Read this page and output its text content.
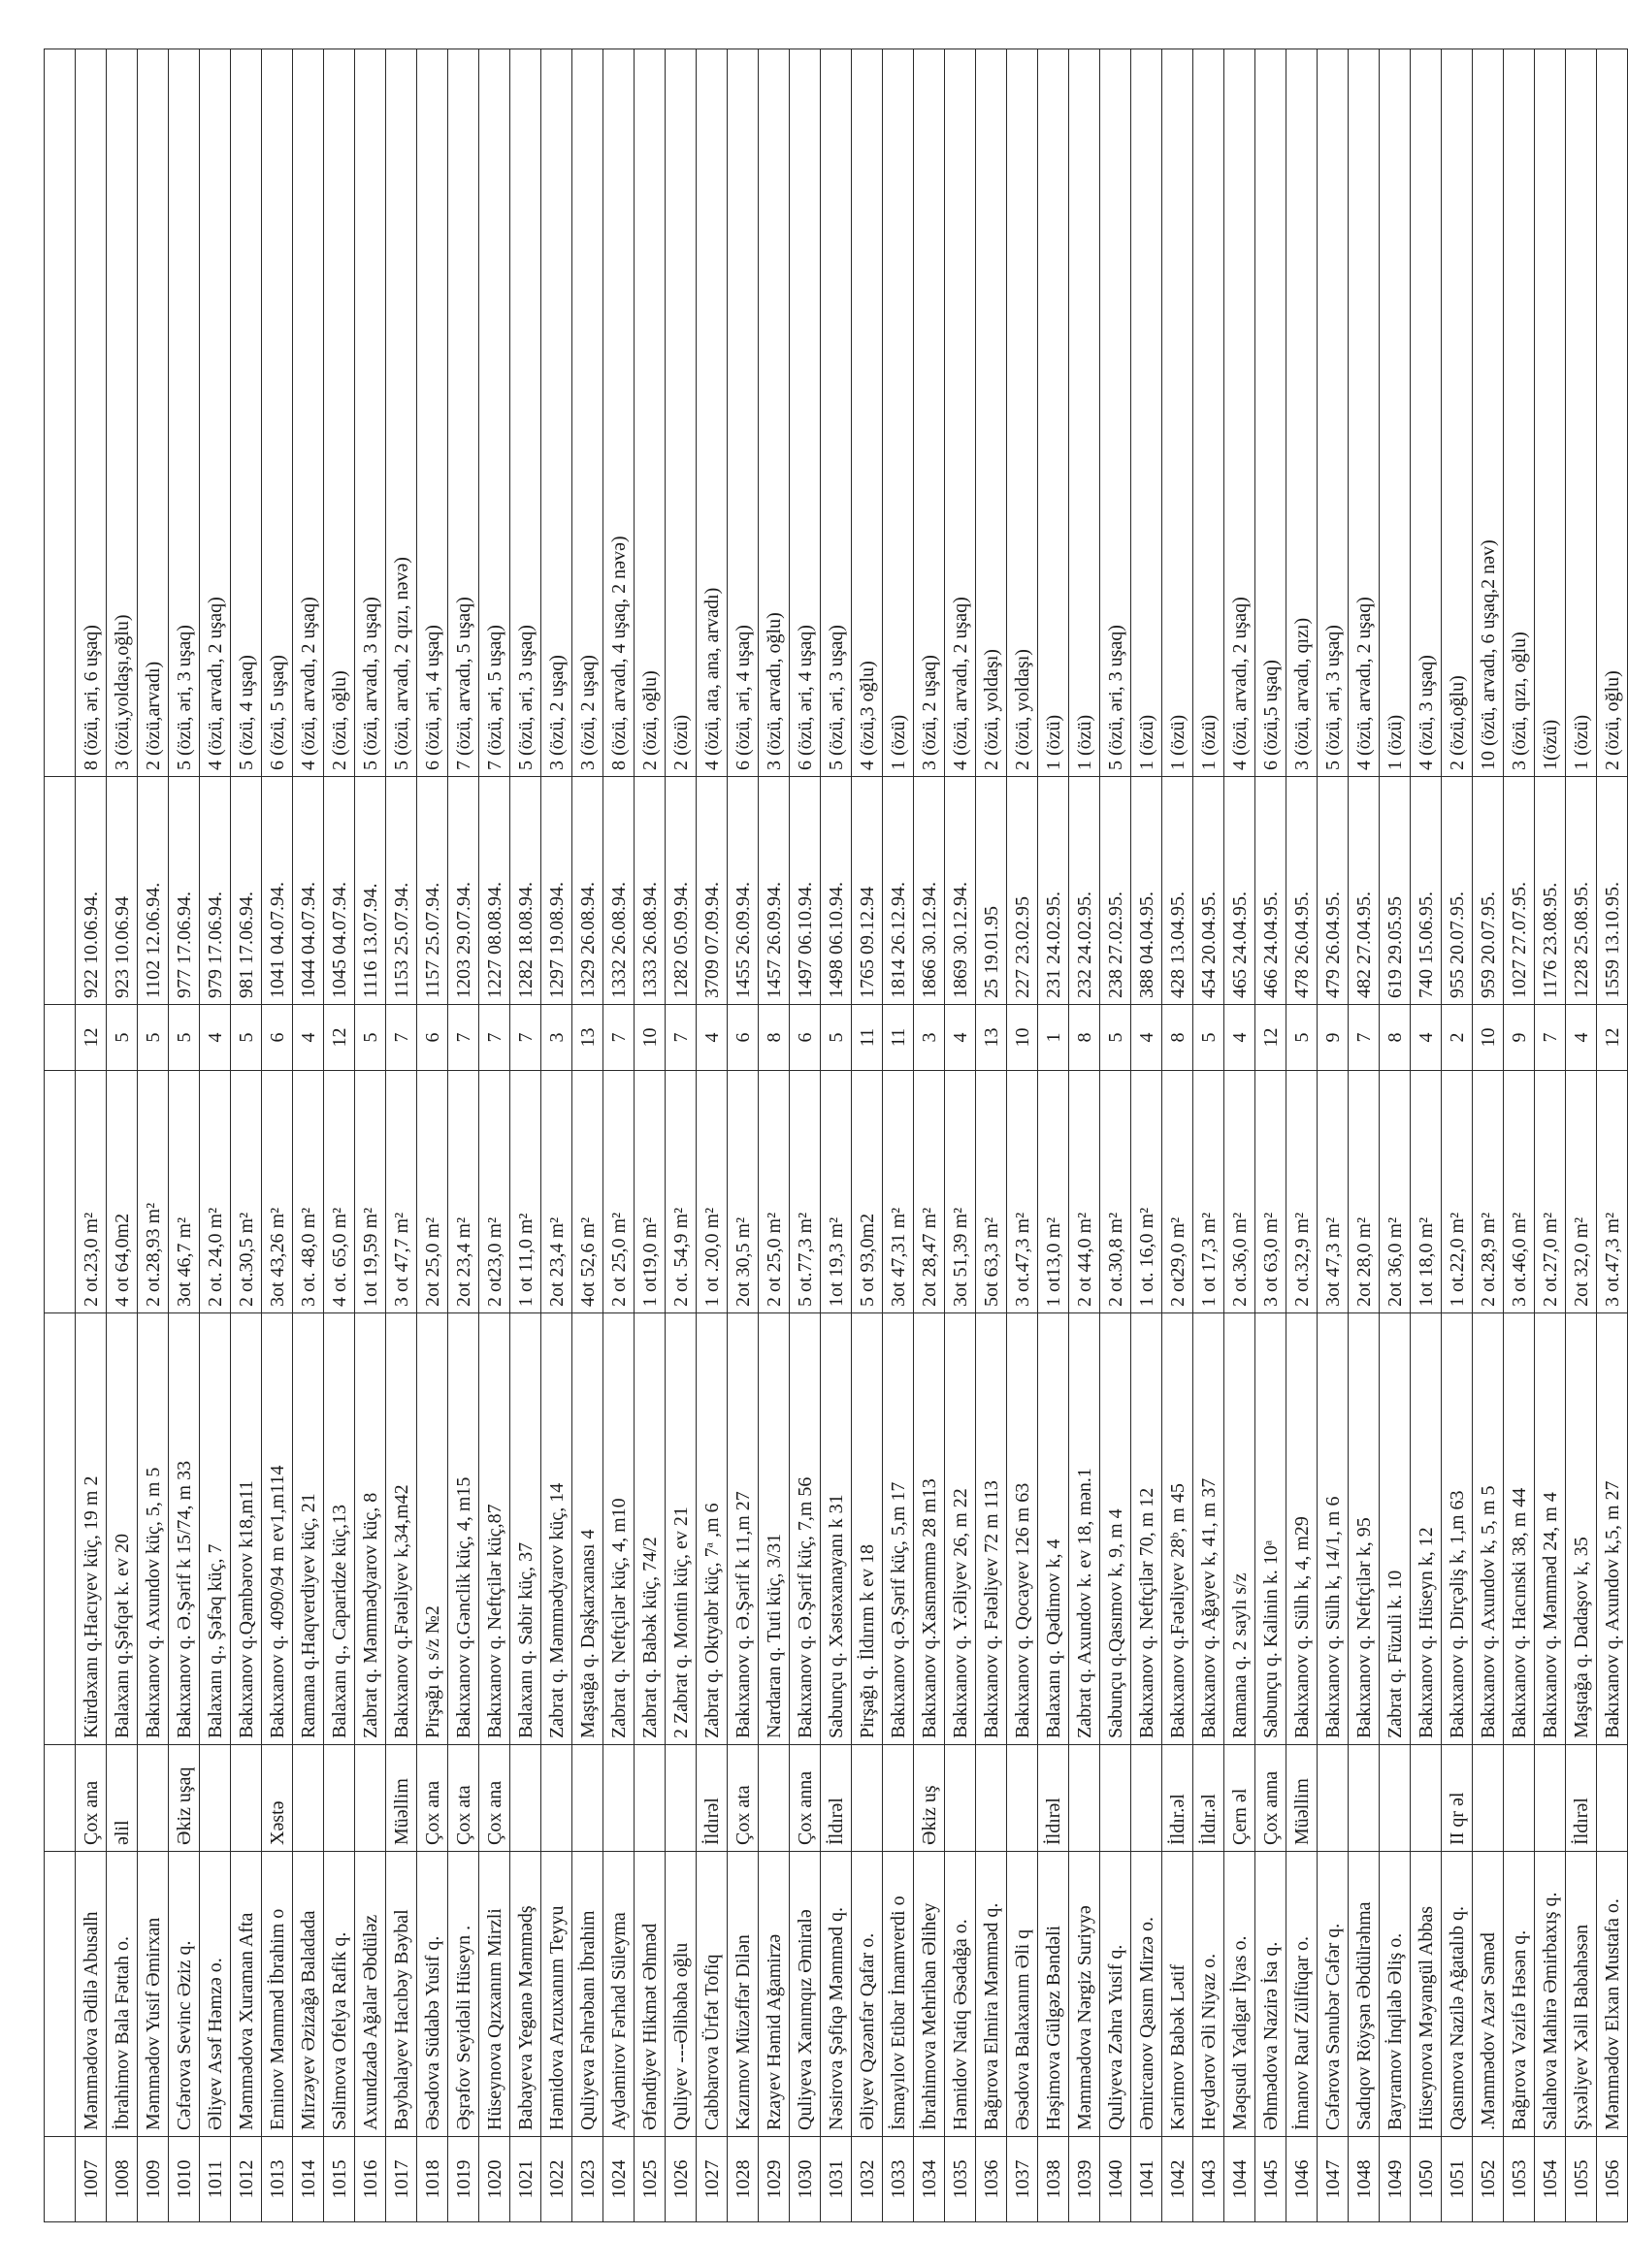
1007	Məmmədova Ədilə Abusalh	Çox ana	Kürdəxanı q.Hacıyev küç, 19 m 2	2 ot.23,0 m²	12	922 10.06.94.	8 (özü, əri, 6 uşaq)
1008	İbrahimov Bala Fəttah o.	əlil	Balaxanı q.Şəfqət k. ev 20	4 ot 64,0m2	5	923 10.06.94	3 (özü,yoldaşı,oğlu)
1009	Məmmədov Yusif Əmirxan		Bakıxanov q. Axundov küç, 5, m 5	2 ot.28,93 m²	5	1102 12.06.94.	2 (özü,arvadı)
1010	Cəfərova Sevinc Əziz q.	Əkiz uşaq	Bakıxanov q. Ə.Şərif k 15/74, m 33	3ot 46,7 m²	5	977 17.06.94.	5 (özü, əri, 3 uşaq)
1011	Əliyev Asəf Həmzə o.		Balaxanı q., Şəfəq küç, 7	2 ot. 24,0 m²	4	979 17.06.94.	4 (özü, arvadı, 2 uşaq)
1012	Məmmədova Xuraman Afta		Bakıxanov q.Qəmbərov k18,m11	2 ot.30,5 m²	5	981 17.06.94.	5 (özü, 4 uşaq)
1013	Eminov Məmməd İbrahim o	Xəstə	Bakıxanov q. 4090/94 m ev1,m114	3ot 43,26 m²	6	1041 04.07.94.	6 (özü, 5 uşaq)
1014	Mirzəyev Əzizağa Baladada		Ramana q.Haqverdiyev küç, 21	3 ot. 48,0 m²	4	1044 04.07.94.	4 (özü, arvadı, 2 uşaq)
1015	Səlimova Ofelya Rafik q.		Balaxanı q., Caparidze küç,13	4 ot. 65,0 m²	12	1045 04.07.94.	2 (özü, oğlu)
1016	Axundzadə Ağalar Əbdüləz		Zabrat q. Məmmədyarov küç, 8	1ot 19,59 m²	5	1116 13.07.94.	5 (özü, arvadı, 3 uşaq)
1017	Bəybalayev Hacıbəy Bəybal	Müəllim	Bakıxanov q.Fətəliyev k,34,m42	3 ot 47,7 m²	7	1153 25.07.94.	5 (özü, arvadı, 2 qızı, nəvə)
1018	Əsədova Südabə Yusif q.	Çox ana	Pirşağı q. s/z №2	2ot 25,0 m²	6	1157 25.07.94.	6 (özü, əri, 4 uşaq)
1019	Əşrəfov Seyidəli Hüseyn .	Çox ata	Bakıxanov q.Gənclik küç, 4, m15	2ot 23,4 m²	7	1203 29.07.94.	7 (özü, arvadı, 5 uşaq)
1020	Hüseynova Qızxanım Mirzli	Çox ana	Bakıxanov q. Neftçilər küç,87	2 ot23,0 m²	7	1227 08.08.94.	7 (özü, əri, 5 uşaq)
1021	Babayeva Yeganə Məmmədş		Balaxanı q. Sabir küç, 37	1 ot 11,0 m²	7	1282 18.08.94.	5 (özü, əri, 3 uşaq)
1022	Həmidova Arzuxanım Teyyu		Zabrat q. Məmmədyarov küç, 14	2ot 23,4 m²	3	1297 19.08.94.	3 (özü, 2 uşaq)
1023	Quliyeva Fəhrəbanı İbrahim		Maştağa q. Daşkarxanası 4	4ot 52,6 m²	13	1329 26.08.94.	3 (özü, 2 uşaq)
1024	Aydəmirov Fərhad Süleyma		Zabrat q. Neftçilər küç, 4, m10	2 ot 25,0 m²	7	1332 26.08.94.	8 (özü, arvadı, 4 uşaq, 2 nəvə)
1025	Əfəndiyev Hikmət Əhməd		Zabrat q. Babək küç, 74/2	1 ot19,0 m²	10	1333 26.08.94.	2 (özü, oğlu)
1026	Quliyev ---Əlibaba oğlu		2 Zabrat q. Montin küç, ev 21	2 ot. 54,9 m²	7	1282 05.09.94.	2 (özü)
1027	Cabbarova Ürfət Tofiq	İldırəl	Zabrat q. Oktyabr küç, 7ᵃ ,m 6	1 ot .20,0 m²	4	3709 07.09.94.	4 (özü, ata, ana, arvadı)
1028	Kazımov Müzəffər Dilən	Çox ata	Bakıxanov q. Ə.Şərif k 11,m 27	2ot 30,5 m²	6	1455 26.09.94.	6 (özü, əri, 4 uşaq)
1029	Rzayev Həmid Ağamirzə		Nardaran q. Tuti küç, 3/31	2 ot 25,0 m²	8	1457 26.09.94.	3 (özü, arvadı, oğlu)
1030	Quliyeva Xanımqız Əmiralə	Çox anna	Bakıxanov q. Ə.Şərif küç, 7,m 56	5 ot.77,3 m²	6	1497 06.10.94.	6 (özü, əri, 4 uşaq)
1031	Nəsirova Şəfiqə Məmməd q.	İldırəl	Sabunçu q. Xəstəxanayanı k 31	1ot 19,3 m²	5	1498 06.10.94.	5 (özü, əri, 3 uşaq)
1032	Əliyev Qəzənfər Qafar o.		Pirşağı q. İldırım k ev 18	5 ot 93,0m2	11	1765 09.12.94	4 (özü,3 oğlu)
1033	İsmayılov Etibar İmamverdi o		Bakıxanov q.Ə.Şərif küç, 5,m 17	3ot 47,31 m²	11	1814 26.12.94.	1 (özü)
1034	İbrahimova Mehriban Əlihey	Əkiz uş	Bakıxanov q.Xasməmmə 28 m13	2ot 28,47 m²	3	1866 30.12.94.	3 (özü, 2 uşaq)
1035	Həmidov Natiq Əsədağa o.		Bakıxanov q. Y.Əliyev 26, m 22	3ot 51,39 m²	4	1869 30.12.94.	4 (özü, arvadı, 2 uşaq)
1036	Bağırova Elmira Məmməd q.		Bakıxanov q. Fətəliyev 72 m 113	5ot 63,3 m²	13	25 19.01.95	2 (özü, yoldaşı)
1037	Əsədova Balaxanım Əli q		Bakıxanov q. Qocayev 126 m 63	3 ot.47,3 m²	10	227 23.02.95	2 (özü, yoldaşı)
1038	Həşimova Gülgəz Bəndəli	İldırəl	Balaxanı q. Qədimov k, 4	1 ot13,0 m²	1	231 24.02.95.	1 (özü)
1039	Məmmədova Nərgiz Suriyyə		Zabrat q. Axundov k. ev 18, mən.1	2 ot 44,0 m²	8	232 24.02.95.	1 (özü)
1040	Quliyeva Zəhra Yusif q.		Sabunçu q.Qasımov k, 9, m 4	2 ot.30,8 m²	5	238 27.02.95.	5 (özü, əri, 3 uşaq)
1041	Əmircanov Qasım Mirzə o.		Bakıxanov q. Neftçilər 70, m 12	1 ot. 16,0 m²	4	388 04.04.95.	1 (özü)
1042	Kərimov Babək Lətif	İldır.əl	Bakıxanov q.Fətəliyev 28ᵇ, m 45	2 ot29,0 m²	8	428 13.04.95.	1 (özü)
1043	Heydərov Əli Niyaz o.	İldır.əl	Bakıxanov q. Ağayev k, 41, m 37	1 ot 17,3 m²	5	454 20.04.95.	1 (özü)
1044	Məqsudi Yadigar İlyas o.	Çern əl	Ramana q. 2 saylı s/z	2 ot.36,0 m²	4	465 24.04.95.	4 (özü, arvadı, 2 uşaq)
1045	Əhmədova Nazirə İsa q.	Çox anna	Sabunçu q. Kalinin k. 10ᵃ	3 ot 63,0 m²	12	466 24.04.95.	6 (özü,5 uşaq)
1046	İmanov Rauf Zülfüqar o.	Müəllim	Bakıxanov q. Sülh k, 4, m29	2 ot.32,9 m²	5	478 26.04.95.	3 (özü, arvadı, qızı)
1047	Cəfərova Sənubər Cəfər q.		Bakıxanov q. Sülh k, 14/1, m 6	3ot 47,3 m²	9	479 26.04.95.	5 (özü, əri, 3 uşaq)
1048	Sadıqov Röyşən Əbdülrəhma		Bakıxanov q. Neftçilər k, 95	2ot 28,0 m²	7	482 27.04.95.	4 (özü, arvadı, 2 uşaq)
1049	Bayramov İnqilab Əliş o.		Zabrat q. Füzuli k. 10	2ot 36,0 m²	8	619 29.05.95	1 (özü)
1050	Hüseynova Məyangül Abbas		Bakıxanov q. Hüseyn k, 12	1ot 18,0 m²	4	740 15.06.95.	4 (özü, 3 uşaq)
1051	Qasımova Nazilə Ağatalıb q.	II qr əl	Bakıxanov q. Dirçəliş k, 1,m 63	1 ot.22,0 m²	2	955 20.07.95.	2 (özü,oğlu)
1052	.Məmmədov Azər Səməd		Bakıxanov q. Axundov k, 5, m 5	2 ot.28,9 m²	10	959 20.07.95.	10 (özü, arvadı, 6 uşaq,2 nəv)
1053	Bağırova Vəzifə Həsən q.		Bakıxanov q. Hacınski 38, m 44	3 ot.46,0 m²	9	1027 27.07.95.	3 (özü, qızı, oğlu)
1054	Salahova Mahirə Əmirbaxış q.		Bakıxanov q. Məmməd 24, m 4	2 ot.27,0 m²	7	1176 23.08.95.	1(özü)
1055	Şıxəliyev Xəlil Babahəsən	İldırəl	Maştağa q. Dadaşov k, 35	2ot 32,0 m²	4	1228 25.08.95.	1 (özü)
1056	Məmmədov Elxan Mustafa o.		Bakıxanov q. Axundov k,5, m 27	3 ot.47,3 m²	12	1559 13.10.95.	2 (özü, oğlu)
